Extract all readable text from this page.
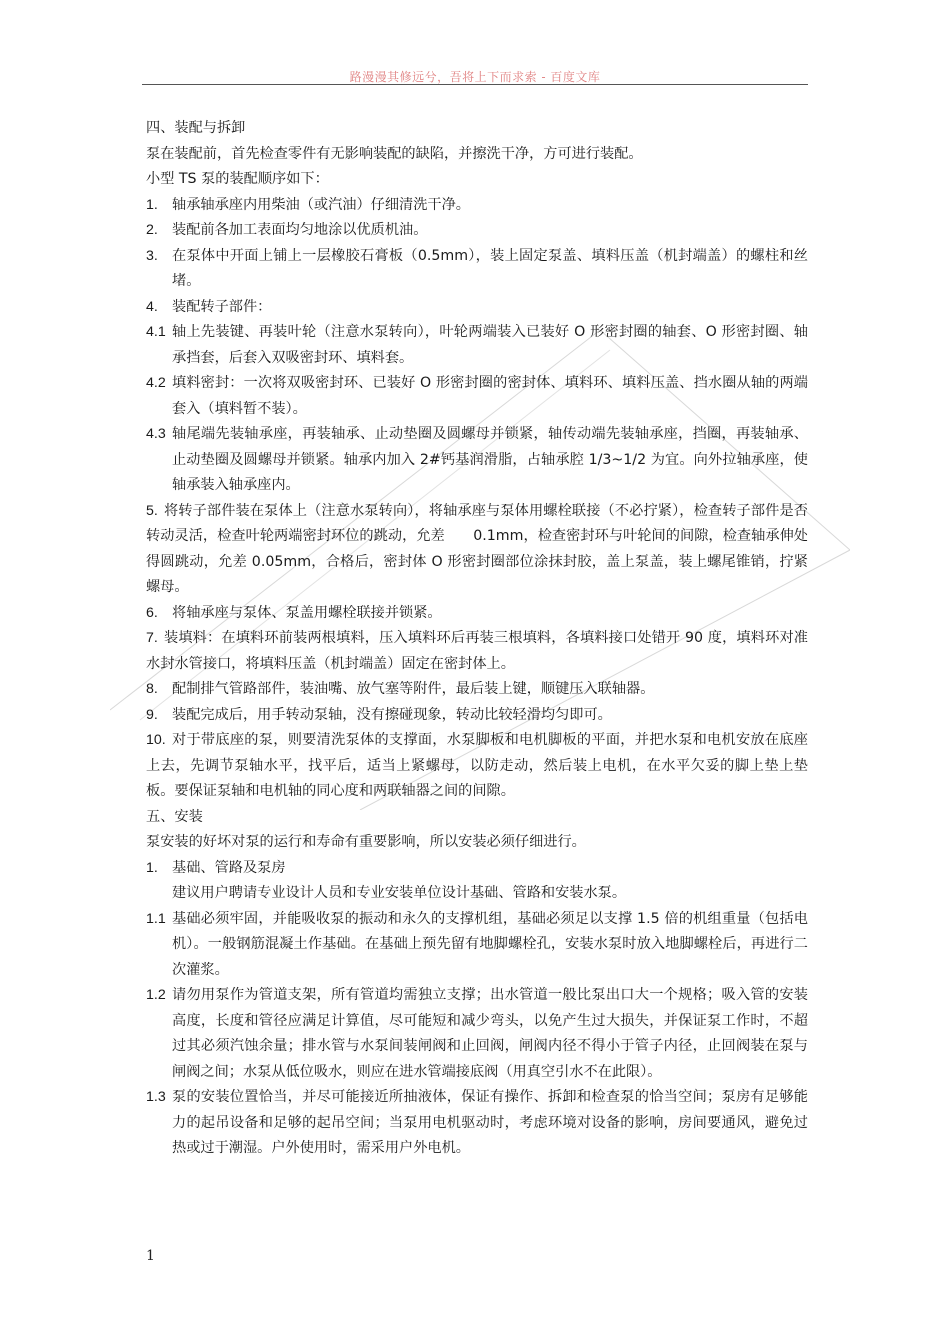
路漫漫其修远兮，吾将上下而求索 - 百度文库

四、装配与拆卸

泵在装配前，首先检查零件有无影响装配的缺陷，并擦洗干净，方可进行装配。

小型 TS 泵的装配顺序如下：

1. 轴承轴承座内用柴油（或汽油）仔细清洗干净。
2. 装配前各加工表面均匀地涂以优质机油。
3. 在泵体中开面上铺上一层橡胶石膏板（0.5mm），装上固定泵盖、填料压盖（机封端盖）的螺柱和丝堵。
4. 装配转子部件：
4.1 轴上先装键、再装叶轮（注意水泵转向），叶轮两端装入已装好 O 形密封圈的轴套、O 形密封圈、轴承挡套，后套入双吸密封环、填料套。
4.2 填料密封：一次将双吸密封环、已装好 O 形密封圈的密封体、填料环、填料压盖、挡水圈从轴的两端套入（填料暂不装）。
4.3 轴尾端先装轴承座，再装轴承、止动垫圈及圆螺母并锁紧，轴传动端先装轴承座，挡圈，再装轴承、止动垫圈及圆螺母并锁紧。轴承内加入 2#钙基润滑脂，占轴承腔 1/3~1/2 为宜。向外拉轴承座，使轴承装入轴承座内。
5. 将转子部件装在泵体上（注意水泵转向），将轴承座与泵体用螺栓联接（不必拧紧），检查转子部件是否转动灵活，检查叶轮两端密封环位的跳动，允差　　0.1mm，检查密封环与叶轮间的间隙，检查轴承伸处得圆跳动，允差 0.05mm，合格后，密封体 O 形密封圈部位涂抹封胶，盖上泵盖，装上螺尾锥销，拧紧螺母。
6. 将轴承座与泵体、泵盖用螺栓联接并锁紧。
7. 装填料：在填料环前装两根填料，压入填料环后再装三根填料，各填料接口处错开 90 度，填料环对准水封水管接口，将填料压盖（机封端盖）固定在密封体上。
8. 配制排气管路部件，装油嘴、放气塞等附件，最后装上键，顺键压入联轴器。
9. 装配完成后，用手转动泵轴，没有擦碰现象，转动比较轻滑均匀即可。
10. 对于带底座的泵，则要清洗泵体的支撑面，水泵脚板和电机脚板的平面，并把水泵和电机安放在底座上去，先调节泵轴水平，找平后，适当上紧螺母，以防走动，然后装上电机，在水平欠妥的脚上垫上垫板。要保证泵轴和电机轴的同心度和两联轴器之间的间隙。

五、安装

泵安装的好坏对泵的运行和寿命有重要影响，所以安装必须仔细进行。

1. 基础、管路及泵房
建议用户聘请专业设计人员和专业安装单位设计基础、管路和安装水泵。
1.1 基础必须牢固，并能吸收泵的振动和永久的支撑机组，基础必须足以支撑 1.5 倍的机组重量（包括电机）。一般钢筋混凝土作基础。在基础上预先留有地脚螺栓孔，安装水泵时放入地脚螺栓后，再进行二次灌浆。
1.2 请勿用泵作为管道支架，所有管道均需独立支撑；出水管道一般比泵出口大一个规格；吸入管的安装高度，长度和管径应满足计算值，尽可能短和减少弯头，以免产生过大损失，并保证泵工作时，不超过其必须汽蚀余量；排水管与水泵间装闸阀和止回阀，闸阀内径不得小于管子内径，止回阀装在泵与闸阀之间；水泵从低位吸水，则应在进水管端接底阀（用真空引水不在此限）。
1.3 泵的安装位置恰当，并尽可能接近所抽液体，保证有操作、拆卸和检查泵的恰当空间；泵房有足够能力的起吊设备和足够的起吊空间；当泵用电机驱动时，考虑环境对设备的影响，房间要通风，避免过热或过于潮湿。户外使用时，需采用户外电机。
1
